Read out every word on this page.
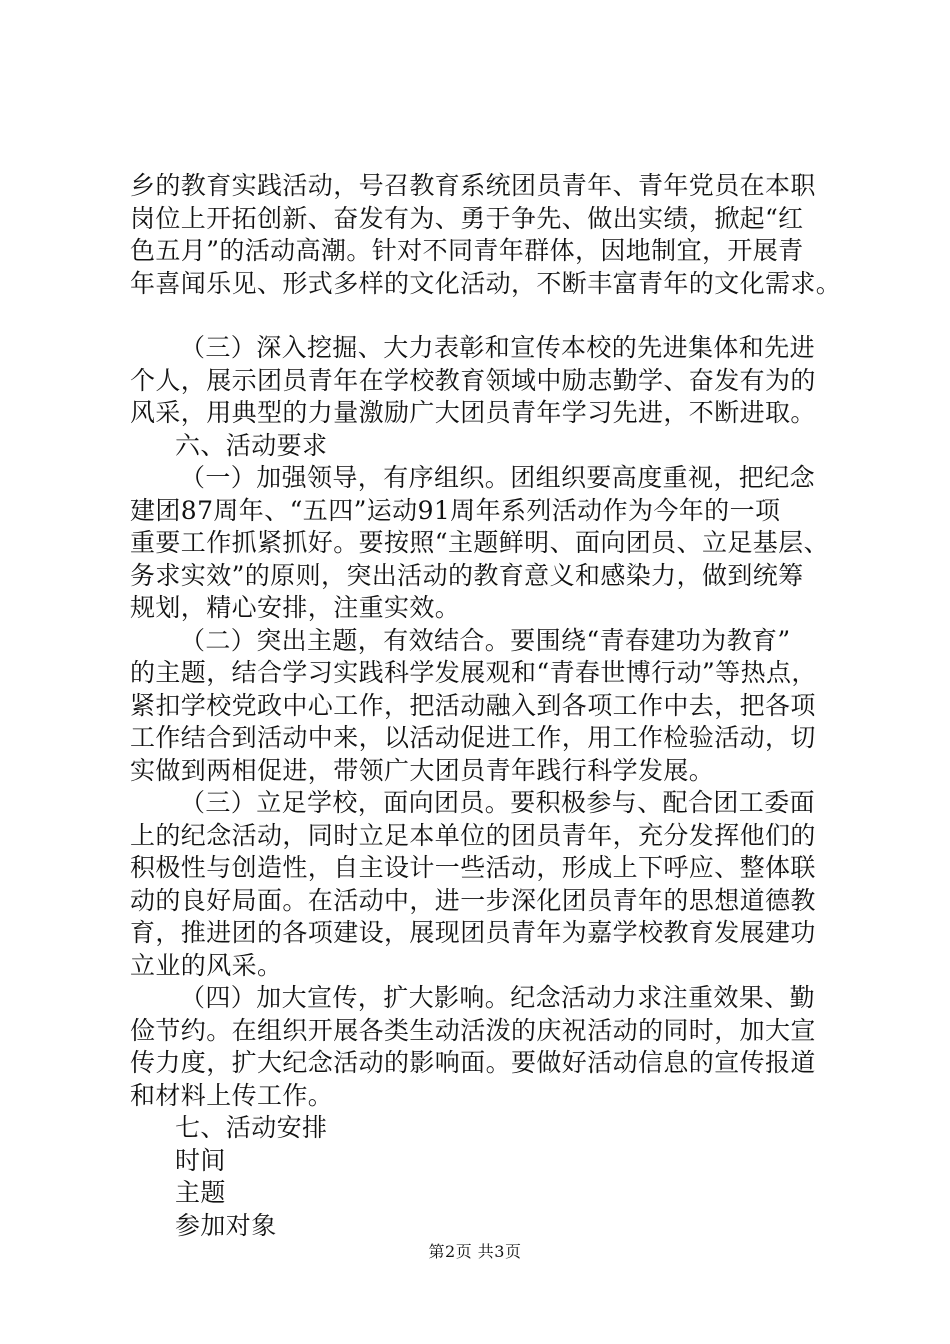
乡的教育实践活动，号召教育系统团员青年、青年党员在本职
岗位上开拓创新、奋发有为、勇于争先、做出实绩，掀起“红
色五月”的活动高潮。针对不同青年群体，因地制宜，开展青
年喜闻乐见、形式多样的文化活动，不断丰富青年的文化需求。
（三）深入挖掘、大力表彰和宣传本校的先进集体和先进
个人，展示团员青年在学校教育领域中励志勤学、奋发有为的
风采，用典型的力量激励广大团员青年学习先进，不断进取。
六、活动要求
（一）加强领导，有序组织。团组织要高度重视，把纪念
建团87周年、“五四”运动91周年系列活动作为今年的一项
重要工作抓紧抓好。要按照“主题鲜明、面向团员、立足基层、
务求实效”的原则，突出活动的教育意义和感染力，做到统筹
规划，精心安排，注重实效。
（二）突出主题，有效结合。要围绕“青春建功为教育”
的主题，结合学习实践科学发展观和“青春世博行动”等热点，
紧扣学校党政中心工作，把活动融入到各项工作中去，把各项
工作结合到活动中来，以活动促进工作，用工作检验活动，切
实做到两相促进，带领广大团员青年践行科学发展。
（三）立足学校，面向团员。要积极参与、配合团工委面
上的纪念活动，同时立足本单位的团员青年，充分发挥他们的
积极性与创造性，自主设计一些活动，形成上下呼应、整体联
动的良好局面。在活动中，进一步深化团员青年的思想道德教
育，推进团的各项建设，展现团员青年为嘉学校教育发展建功
立业的风采。
（四）加大宣传，扩大影响。纪念活动力求注重效果、勤
俭节约。在组织开展各类生动活泼的庆祝活动的同时，加大宣
传力度，扩大纪念活动的影响面。要做好活动信息的宣传报道
和材料上传工作。
七、活动安排
时间
主题
参加对象
第2页 共3页
